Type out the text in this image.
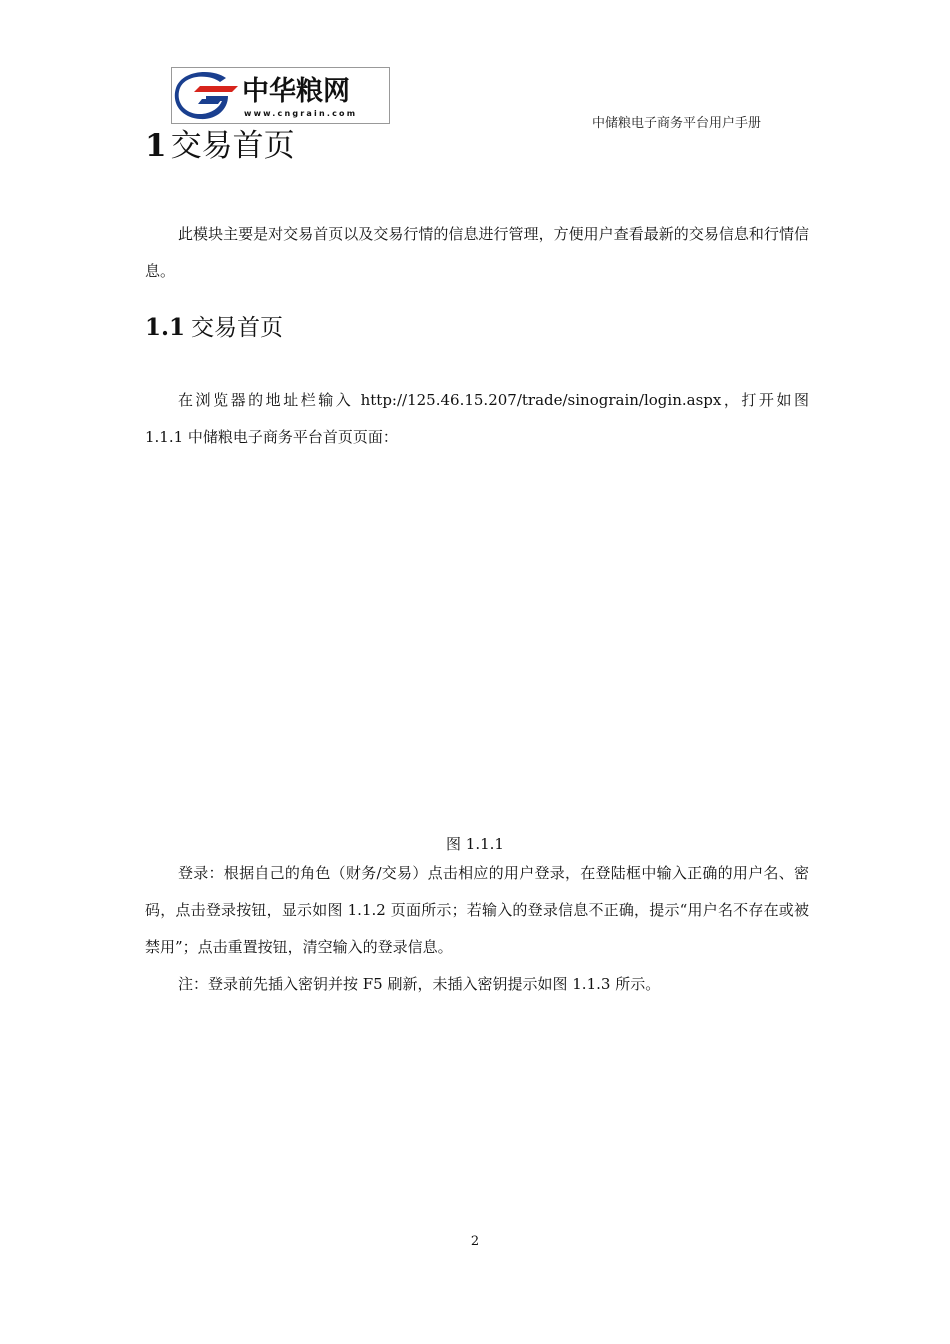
中华粮网
www.cngrain.com
中储粮电子商务平台用户手册
1 交易首页

此模块主要是对交易首页以及交易行情的信息进行管理，方便用户查看最新的交易信息和行情信息。

1.1 交易首页

在浏览器的地址栏输入 http://125.46.15.207/trade/sinograin/login.aspx，打开如图 1.1.1 中储粮电子商务平台首页页面：

图 1.1.1

登录：根据自己的角色（财务/交易）点击相应的用户登录，在登陆框中输入正确的用户名、密码，点击登录按钮，显示如图 1.1.2 页面所示；若输入的登录信息不正确，提示“用户名不存在或被禁用”；点击重置按钮，清空输入的登录信息。

注：登录前先插入密钥并按 F5 刷新，未插入密钥提示如图 1.1.3 所示。

2
